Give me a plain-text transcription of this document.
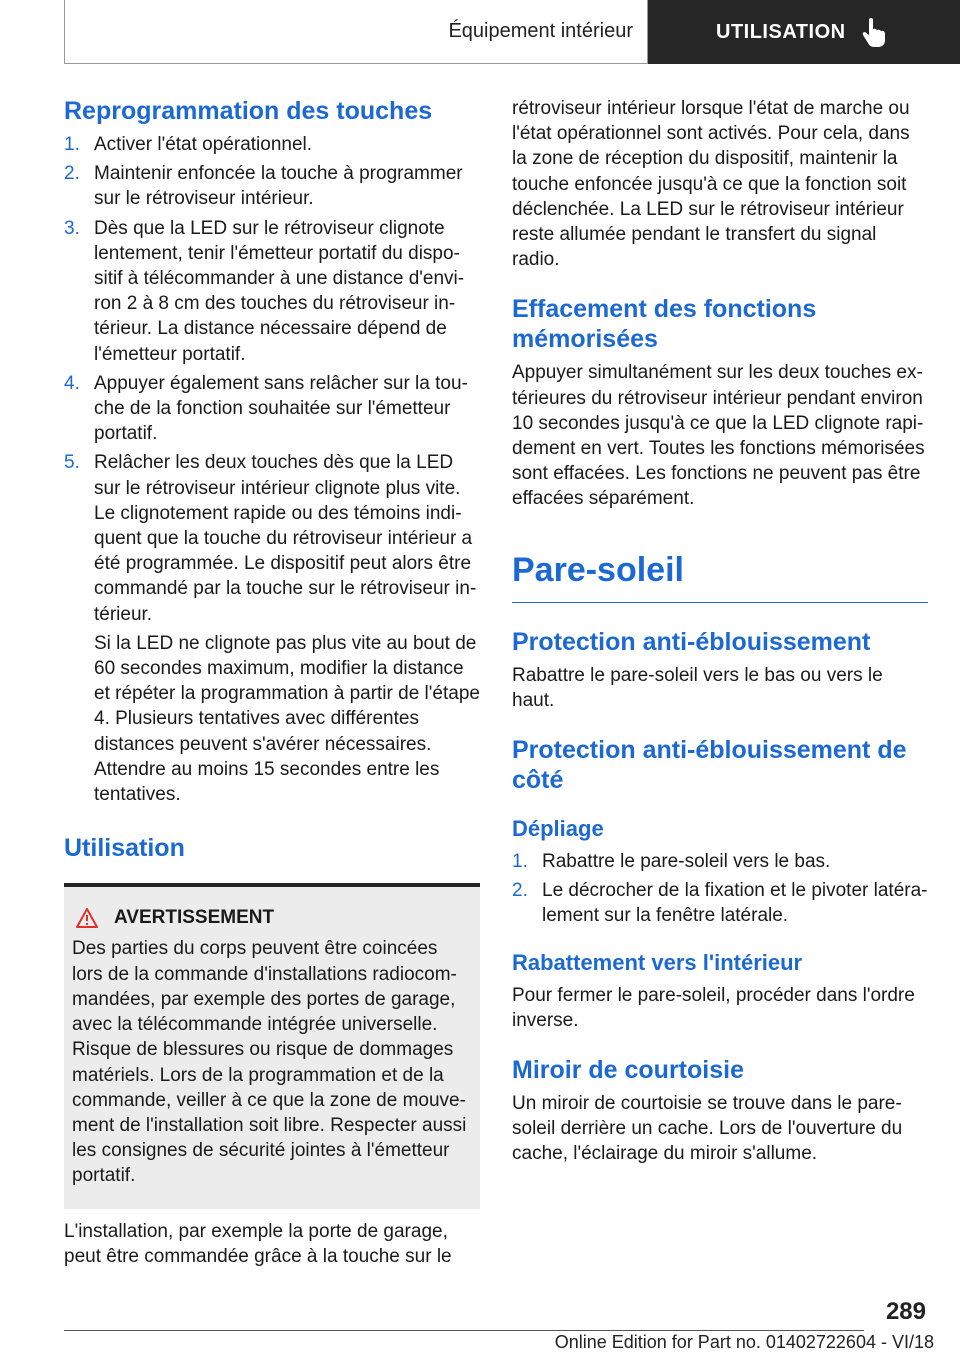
Équipement intérieur	UTILISATION
Reprogrammation des touches
1. Activer l'état opérationnel.
2. Maintenir enfoncée la touche à programmer sur le rétroviseur intérieur.
3. Dès que la LED sur le rétroviseur clignote lentement, tenir l'émetteur portatif du dispositif à télécommander à une distance d'environ 2 à 8 cm des touches du rétroviseur intérieur. La distance nécessaire dépend de l'émetteur portatif.
4. Appuyer également sans relâcher sur la touche de la fonction souhaitée sur l'émetteur portatif.
5. Relâcher les deux touches dès que la LED sur le rétroviseur intérieur clignote plus vite. Le clignotement rapide ou des témoins indiquent que la touche du rétroviseur intérieur a été programmée. Le dispositif peut alors être commandé par la touche sur le rétroviseur intérieur.

Si la LED ne clignote pas plus vite au bout de 60 secondes maximum, modifier la distance et répéter la programmation à partir de l'étape 4. Plusieurs tentatives avec différentes distances peuvent s'avérer nécessaires. Attendre au moins 15 secondes entre les tentatives.

Utilisation
AVERTISSEMENT

Des parties du corps peuvent être coincées lors de la commande d'installations radiocommandées, par exemple des portes de garage, avec la télécommande intégrée universelle. Risque de blessures ou risque de dommages matériels. Lors de la programmation et de la commande, veiller à ce que la zone de mouvement de l'installation soit libre. Respecter aussi les consignes de sécurité jointes à l'émetteur portatif.

L'installation, par exemple la porte de garage, peut être commandée grâce à la touche sur le

rétroviseur intérieur lorsque l'état de marche ou l'état opérationnel sont activés. Pour cela, dans la zone de réception du dispositif, maintenir la touche enfoncée jusqu'à ce que la fonction soit déclenchée. La LED sur le rétroviseur intérieur reste allumée pendant le transfert du signal radio.

Effacement des fonctions mémorisées

Appuyer simultanément sur les deux touches extérieures du rétroviseur intérieur pendant environ 10 secondes jusqu'à ce que la LED clignote rapidement en vert. Toutes les fonctions mémorisées sont effacées. Les fonctions ne peuvent pas être effacées séparément.

Pare-soleil
Protection anti-éblouissement

Rabattre le pare-soleil vers le bas ou vers le haut.

Protection anti-éblouissement de côté
Dépliage
1. Rabattre le pare-soleil vers le bas.
2. Le décrocher de la fixation et le pivoter latéralement sur la fenêtre latérale.
Rabattement vers l'intérieur

Pour fermer le pare-soleil, procéder dans l'ordre inverse.

Miroir de courtoisie

Un miroir de courtoisie se trouve dans le pare-soleil derrière un cache. Lors de l'ouverture du cache, l'éclairage du miroir s'allume.

289
Online Edition for Part no. 01402722604 - VI/18
